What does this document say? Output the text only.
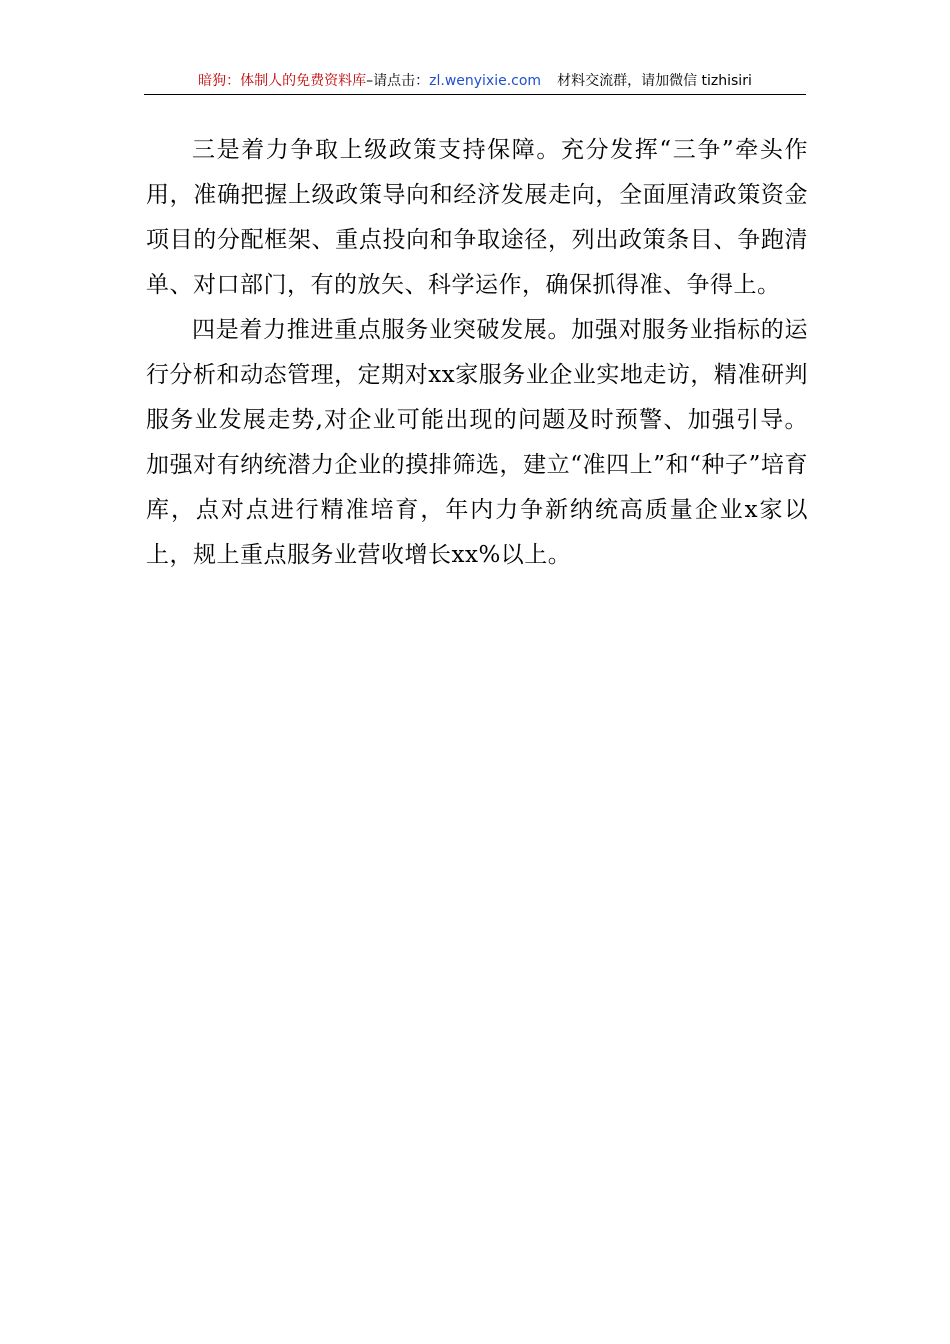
暗狗：体制人的免费资料库–请点击：zl.wenyixie.com 材料交流群，请加微信 tizhisiri

三是着力争取上级政策支持保障。充分发挥“三争”牵头作用，准确把握上级政策导向和经济发展走向，全面厘清政策资金项目的分配框架、重点投向和争取途径，列出政策条目、争跑清单、对口部门，有的放矢、科学运作，确保抓得准、争得上。

四是着力推进重点服务业突破发展。加强对服务业指标的运行分析和动态管理，定期对xx家服务业企业实地走访，精准研判服务业发展走势,对企业可能出现的问题及时预警、加强引导。加强对有纳统潜力企业的摸排筛选，建立“准四上”和“种子”培育库，点对点进行精准培育，年内力争新纳统高质量企业x家以上，规上重点服务业营收增长xx%以上。
